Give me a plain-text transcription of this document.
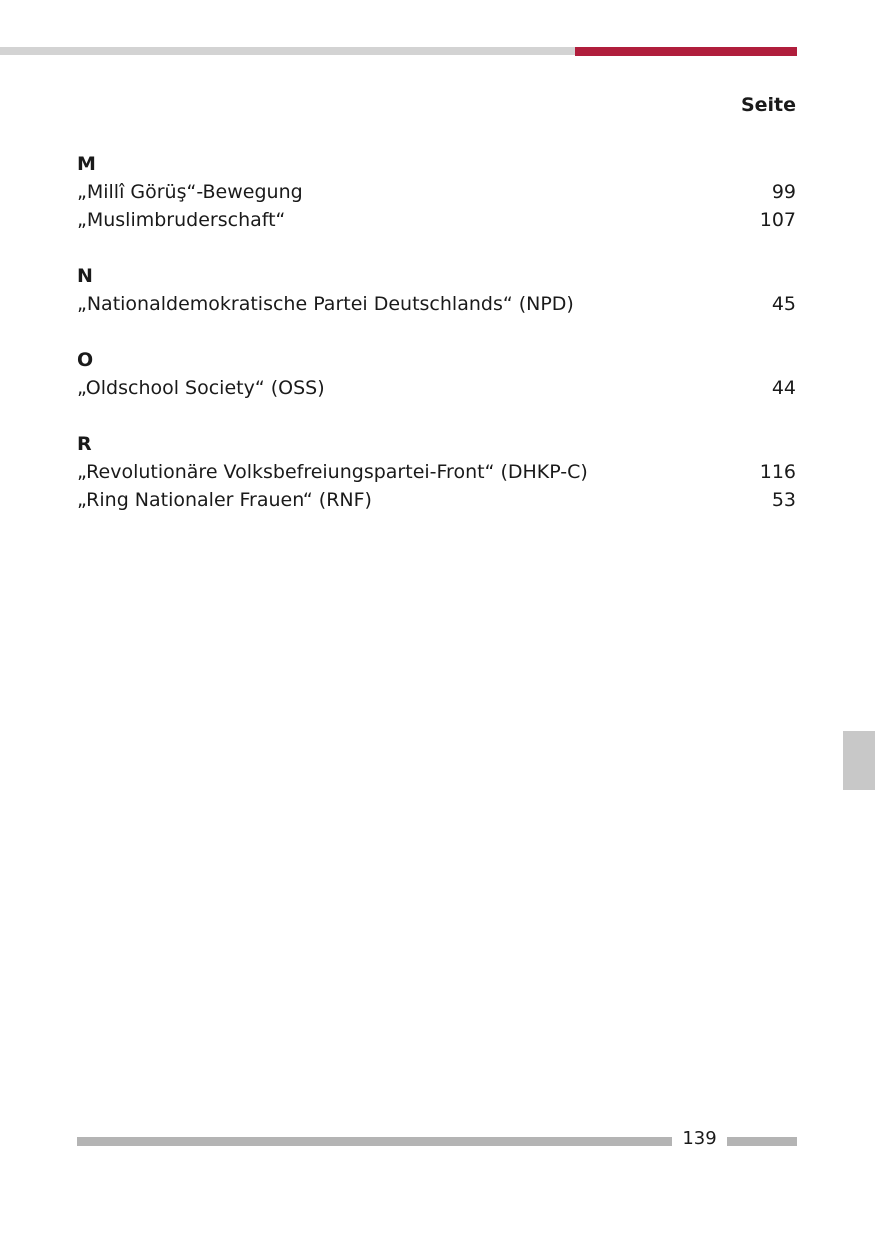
Seite
M
„Millî Görüş“-Bewegung	99
„Muslimbruderschaft“	107
N
„Nationaldemokratische Partei Deutschlands“ (NPD)	45
O
„Oldschool Society“ (OSS)	44
R
„Revolutionäre Volksbefreiungspartei-Front“ (DHKP-C)	116
„Ring Nationaler Frauen“ (RNF)	53
139
